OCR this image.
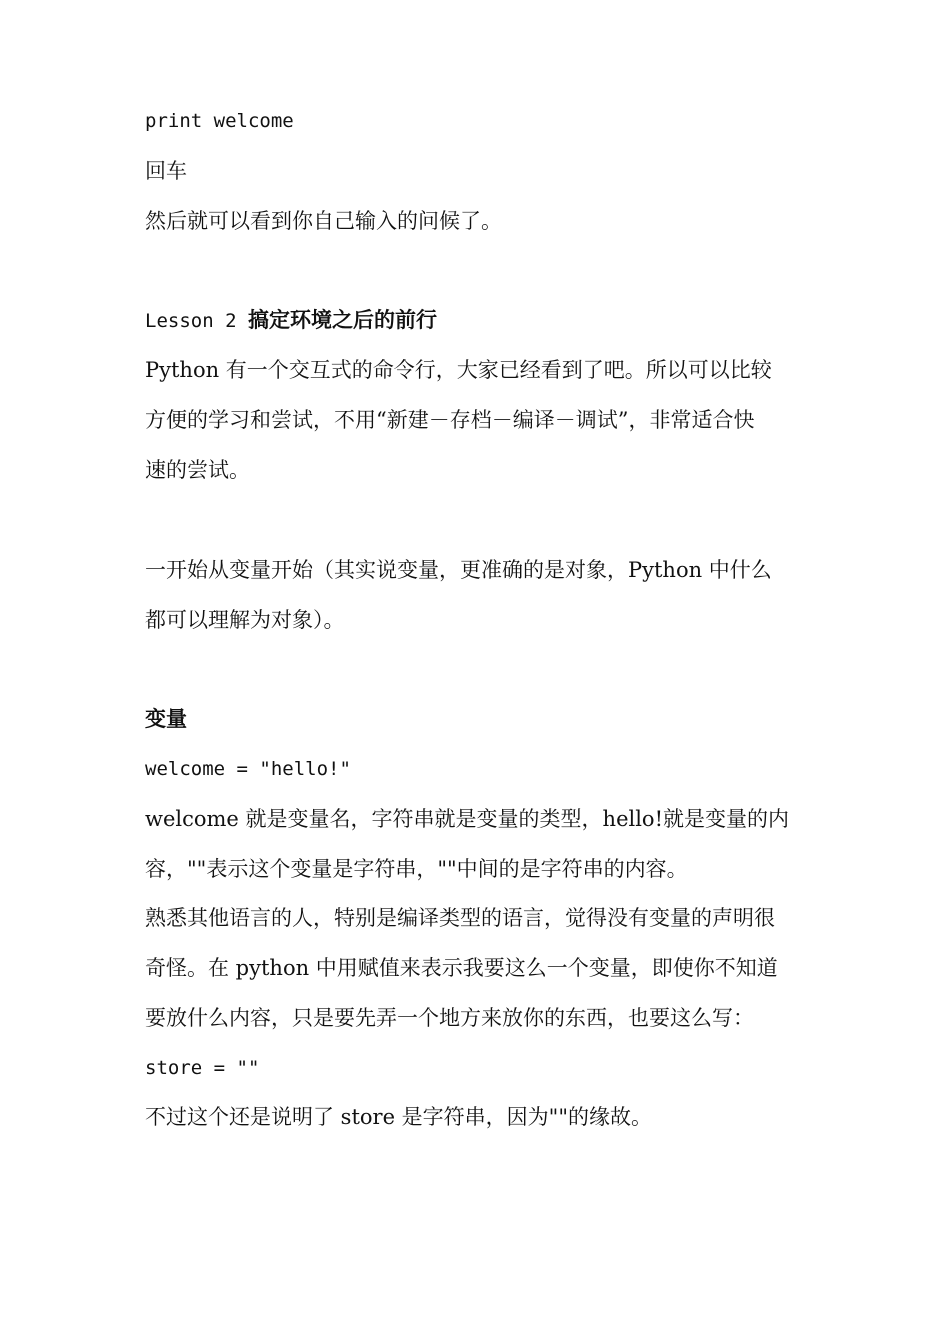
print welcome
回车
然后就可以看到你自己输入的问候了。
Lesson 2 搞定环境之后的前行
Python 有一个交互式的命令行，大家已经看到了吧。所以可以比较
方便的学习和尝试，不用“新建－存档－编译－调试”，非常适合快
速的尝试。
一开始从变量开始（其实说变量，更准确的是对象，Python 中什么
都可以理解为对象）。
变量
welcome = "hello!"
welcome 就是变量名，字符串就是变量的类型，hello!就是变量的内
容，""表示这个变量是字符串，""中间的是字符串的内容。
熟悉其他语言的人，特别是编译类型的语言，觉得没有变量的声明很
奇怪。在 python 中用赋值来表示我要这么一个变量，即使你不知道
要放什么内容，只是要先弄一个地方来放你的东西，也要这么写：
store = ""
不过这个还是说明了 store 是字符串，因为""的缘故。
